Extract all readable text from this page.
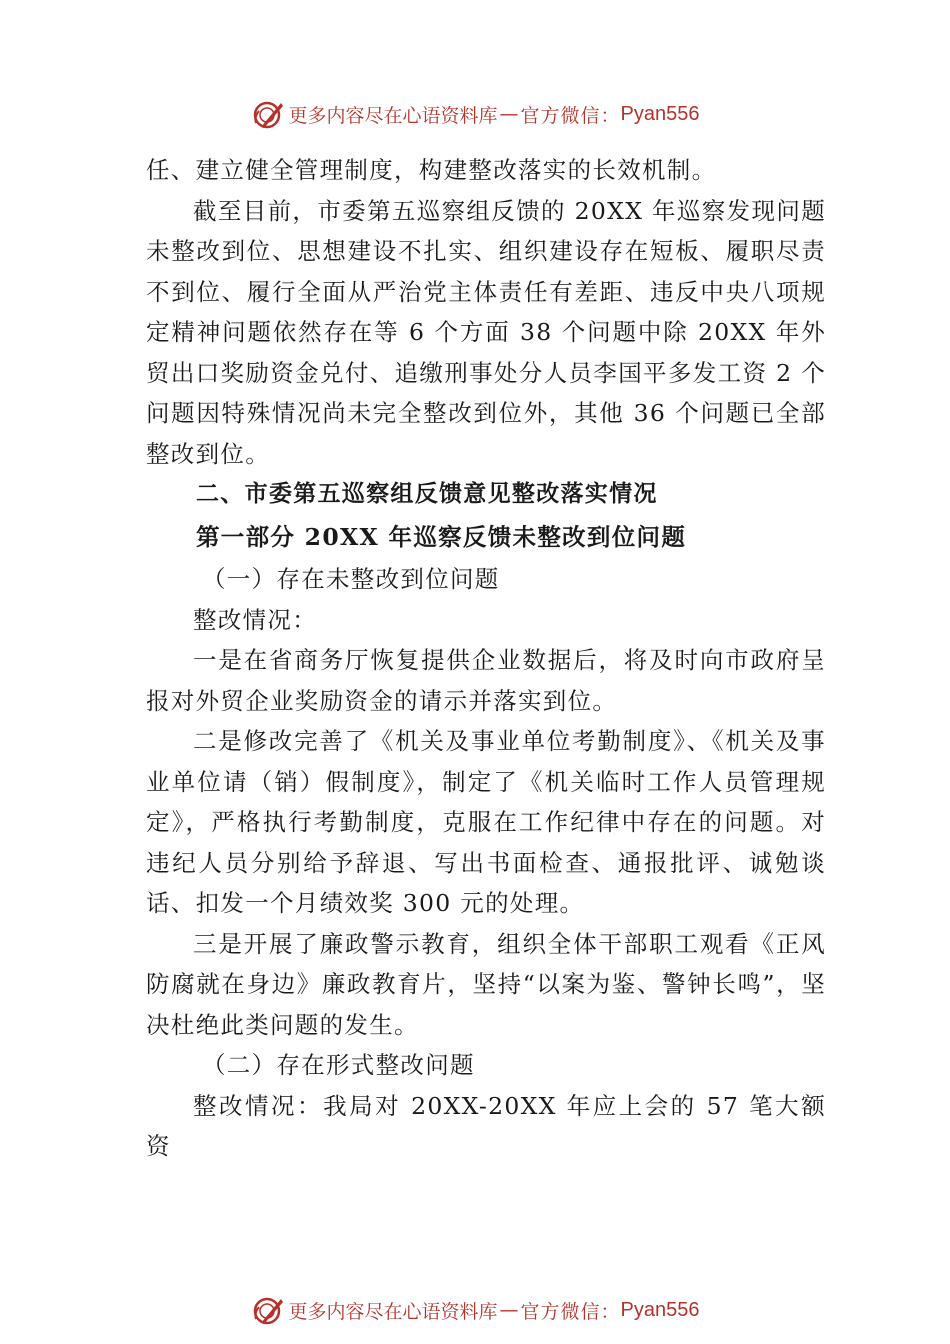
更多内容尽在心语资料库 — 官方微信： Pyan556

任、建立健全管理制度，构建整改落实的长效机制。

截至目前，市委第五巡察组反馈的 20XX 年巡察发现问题未整改到位、思想建设不扎实、组织建设存在短板、履职尽责不到位、履行全面从严治党主体责任有差距、违反中央八项规定精神问题依然存在等 6 个方面 38 个问题中除 20XX 年外贸出口奖励资金兑付、追缴刑事处分人员李国平多发工资 2 个问题因特殊情况尚未完全整改到位外，其他 36 个问题已全部整改到位。

二、市委第五巡察组反馈意见整改落实情况

第一部分 20XX 年巡察反馈未整改到位问题

（一）存在未整改到位问题

整改情况：

一是在省商务厅恢复提供企业数据后，将及时向市政府呈报对外贸企业奖励资金的请示并落实到位。

二是修改完善了《机关及事业单位考勤制度》、《机关及事业单位请（销）假制度》，制定了《机关临时工作人员管理规定》，严格执行考勤制度，克服在工作纪律中存在的问题。对违纪人员分别给予辞退、写出书面检查、通报批评、诚勉谈话、扣发一个月绩效奖 300 元的处理。

三是开展了廉政警示教育，组织全体干部职工观看《正风防腐就在身边》廉政教育片，坚持“以案为鉴、警钟长鸣”，坚决杜绝此类问题的发生。

（二）存在形式整改问题

整改情况：我局对 20XX-20XX 年应上会的 57 笔大额资

更多内容尽在心语资料库 — 官方微信： Pyan556
